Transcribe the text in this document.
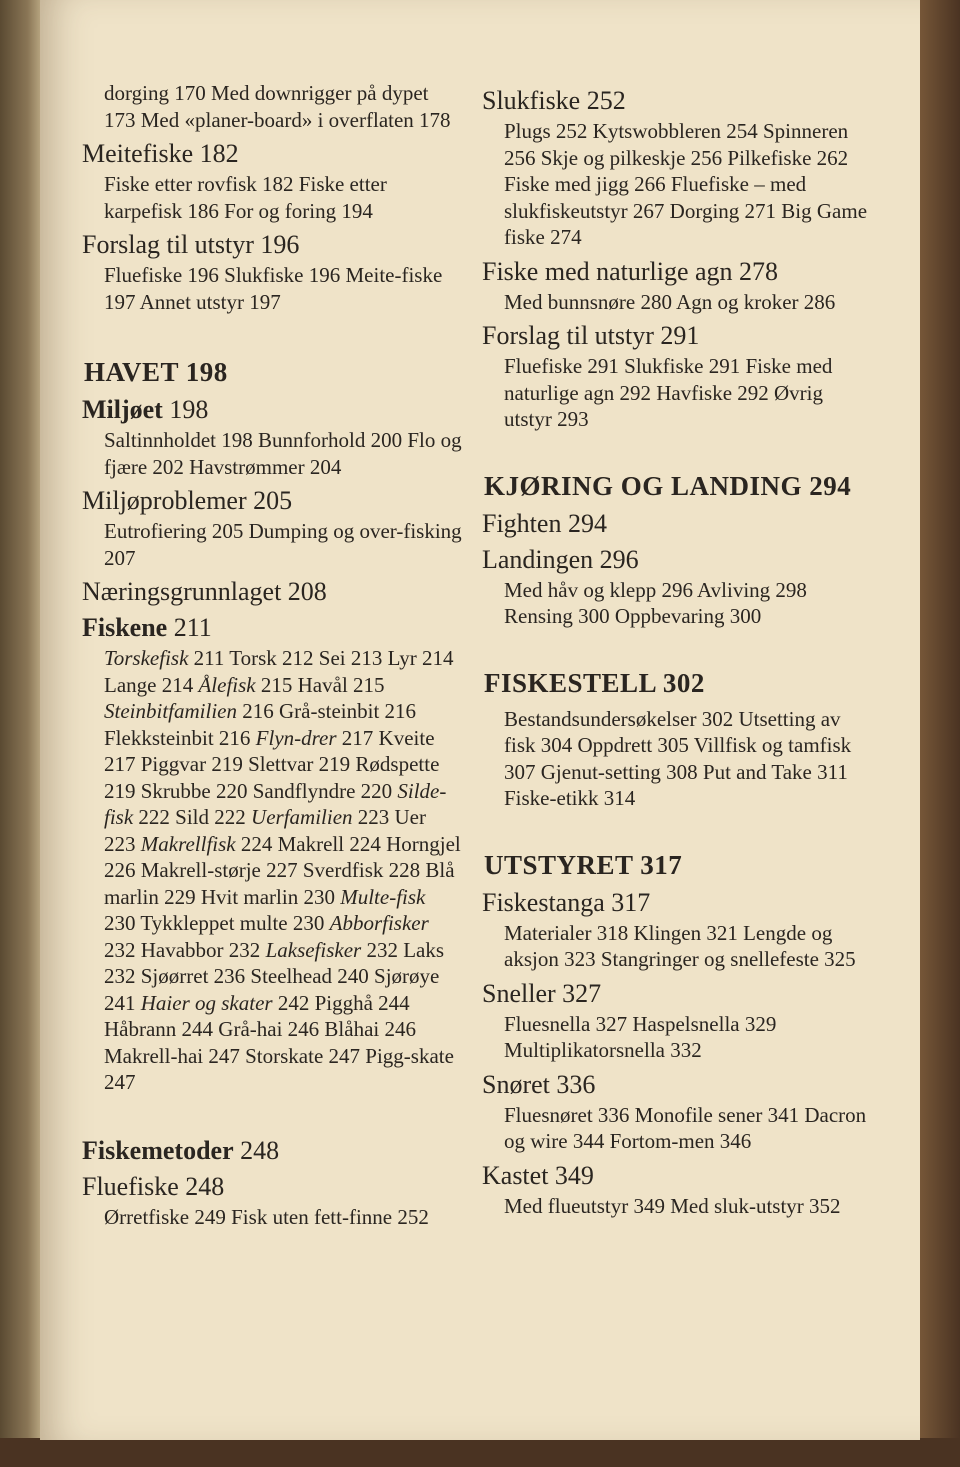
dorging 170 Med downrigger på dypet 173 Med «planer-board» i overflaten 178
Meitefiske 182
Fiske etter rovfisk 182 Fiske etter karpefisk 186 For og foring 194
Forslag til utstyr 196
Fluefiske 196 Slukfiske 196 Meite-fiske 197 Annet utstyr 197
HAVET 198
Miljøet 198
Saltinnholdet 198 Bunnforhold 200 Flo og fjære 202 Havstrømmer 204
Miljøproblemer 205
Eutrofiering 205 Dumping og over-fisking 207
Næringsgrunnlaget 208
Fiskene 211
Torskefisk 211 Torsk 212 Sei 213 Lyr 214 Lange 214 Ålefisk 215 Havål 215 Steinbitfamilien 216 Grå-steinbit 216 Flekksteinbit 216 Flyn-drer 217 Kveite 217 Piggvar 219 Slettvar 219 Rødspette 219 Skrubbe 220 Sandflyndre 220 Silde-fisk 222 Sild 222 Uerfamilien 223 Uer 223 Makrellfisk 224 Makrell 224 Horngjel 226 Makrell-størje 227 Sverdfisk 228 Blå marlin 229 Hvit marlin 230 Multe-fisk 230 Tykkleppet multe 230 Abborfisker 232 Havabbor 232 Laksefisker 232 Laks 232 Sjøørret 236 Steelhead 240 Sjørøye 241 Haier og skater 242 Pigghå 244 Håbrann 244 Grå-hai 246 Blåhai 246 Makrell-hai 247 Storskate 247 Pigg-skate 247
Fiskemetoder 248
Fluefiske 248
Ørretfiske 249 Fisk uten fett-finne 252
Slukfiske 252
Plugs 252 Kytswobbleren 254 Spinneren 256 Skje og pilkeskje 256 Pilkefiske 262 Fiske med jigg 266 Fluefiske – med slukfiskeutstyr 267 Dorging 271 Big Game fiske 274
Fiske med naturlige agn 278
Med bunnsnøre 280 Agn og kroker 286
Forslag til utstyr 291
Fluefiske 291 Slukfiske 291 Fiske med naturlige agn 292 Havfiske 292 Øvrig utstyr 293
KJØRING OG LANDING 294
Fighten 294
Landingen 296
Med håv og klepp 296 Avliving 298 Rensing 300 Oppbevaring 300
FISKESTELL 302
Bestandsundersøkelser 302 Utsetting av fisk 304 Oppdrett 305 Villfisk og tamfisk 307 Gjenut-setting 308 Put and Take 311 Fiske-etikk 314
UTSTYRET 317
Fiskestanga 317
Materialer 318 Klingen 321 Lengde og aksjon 323 Stangringer og snellefeste 325
Sneller 327
Fluesnella 327 Haspelsnella 329 Multiplikatorsnella 332
Snøret 336
Fluesnøret 336 Monofile sener 341 Dacron og wire 344 Fortom-men 346
Kastet 349
Med flueutstyr 349 Med sluk-utstyr 352
